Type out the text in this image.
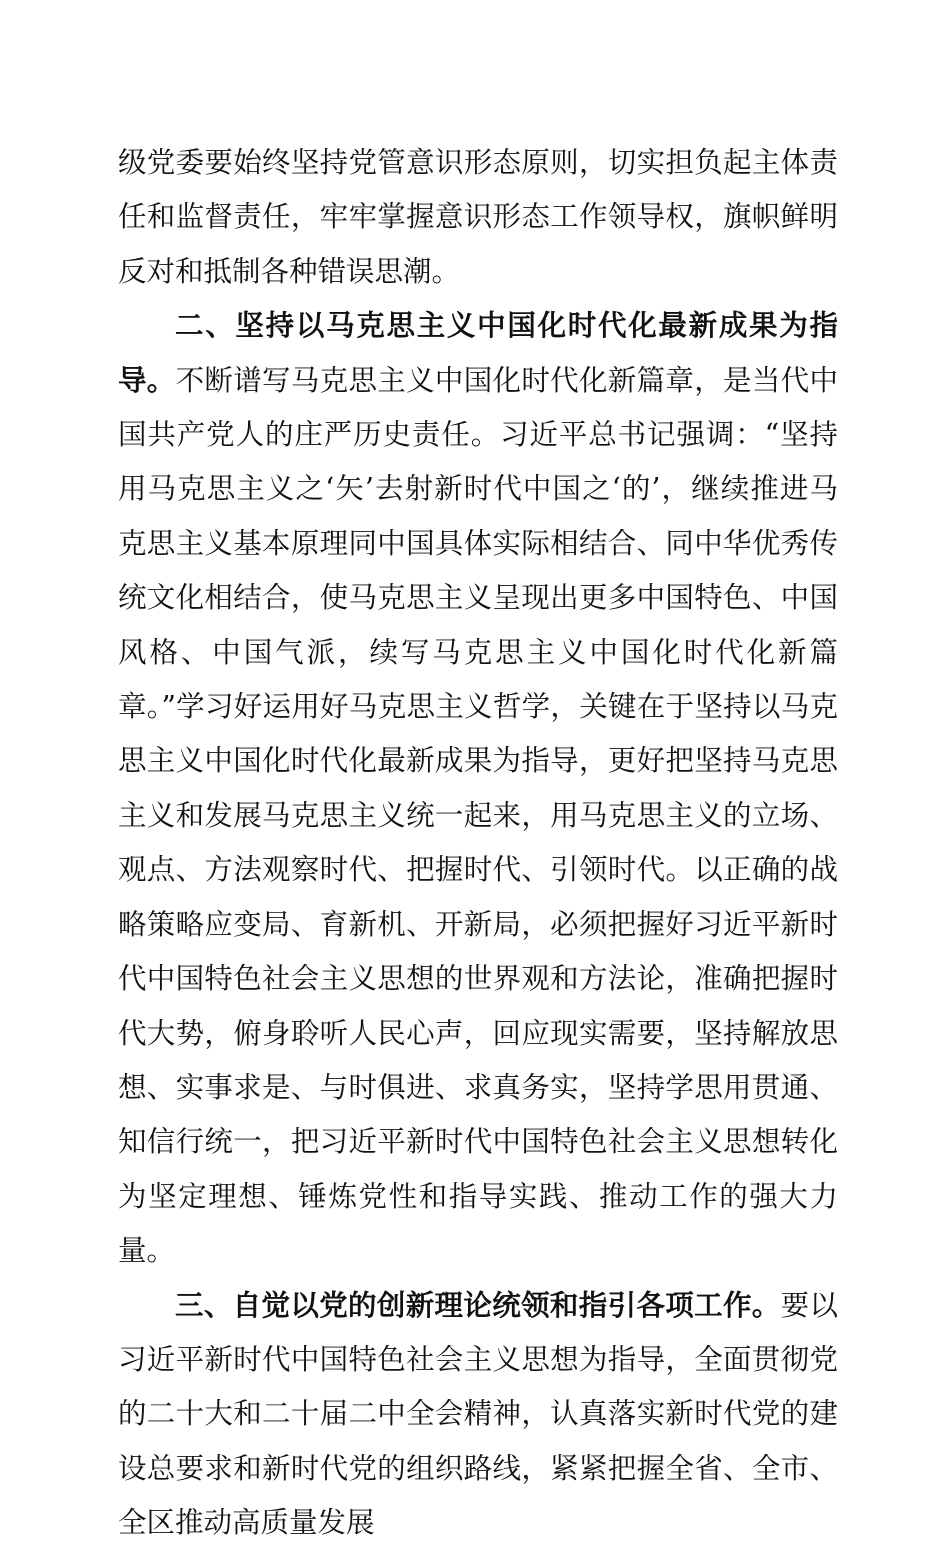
级党委要始终坚持党管意识形态原则，切实担负起主体责任和监督责任，牢牢掌握意识形态工作领导权，旗帜鲜明反对和抵制各种错误思潮。

二、坚持以马克思主义中国化时代化最新成果为指导。不断谱写马克思主义中国化时代化新篇章，是当代中国共产党人的庄严历史责任。习近平总书记强调：“坚持用马克思主义之‘矢’去射新时代中国之‘的’，继续推进马克思主义基本原理同中国具体实际相结合、同中华优秀传统文化相结合，使马克思主义呈现出更多中国特色、中国风格、中国气派，续写马克思主义中国化时代化新篇章。”学习好运用好马克思主义哲学，关键在于坚持以马克思主义中国化时代化最新成果为指导，更好把坚持马克思主义和发展马克思主义统一起来，用马克思主义的立场、观点、方法观察时代、把握时代、引领时代。以正确的战略策略应变局、育新机、开新局，必须把握好习近平新时代中国特色社会主义思想的世界观和方法论，准确把握时代大势，俯身聆听人民心声，回应现实需要，坚持解放思想、实事求是、与时俱进、求真务实，坚持学思用贯通、知信行统一，把习近平新时代中国特色社会主义思想转化为坚定理想、锤炼党性和指导实践、推动工作的强大力量。

三、自觉以党的创新理论统领和指引各项工作。要以习近平新时代中国特色社会主义思想为指导，全面贯彻党的二十大和二十届二中全会精神，认真落实新时代党的建设总要求和新时代党的组织路线，紧紧把握全省、全市、全区推动高质量发展
